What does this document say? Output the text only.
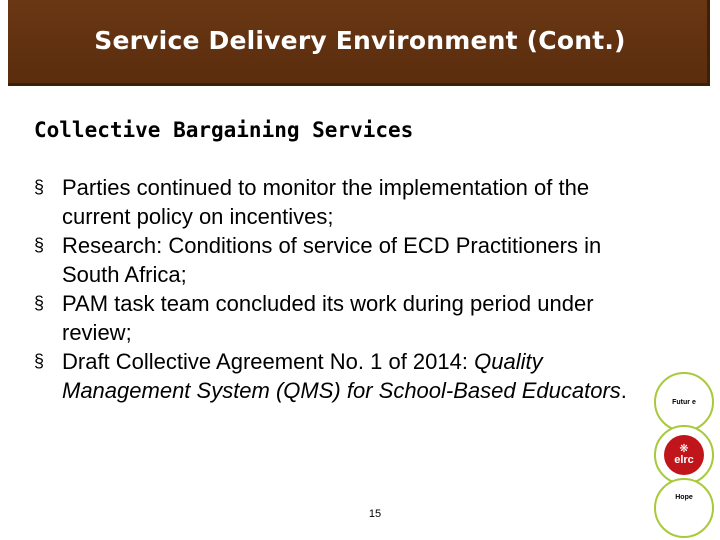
Service Delivery Environment (Cont.)
Collective Bargaining Services
§ Parties continued to monitor the implementation of the current policy on incentives;
§ Research: Conditions of service of ECD Practitioners in South Africa;
§ PAM task team concluded its work during period under review;
§ Draft Collective Agreement No. 1 of 2014: Quality Management System (QMS) for School-Based Educators.
15
Futur e
❋
elrc
Hope
